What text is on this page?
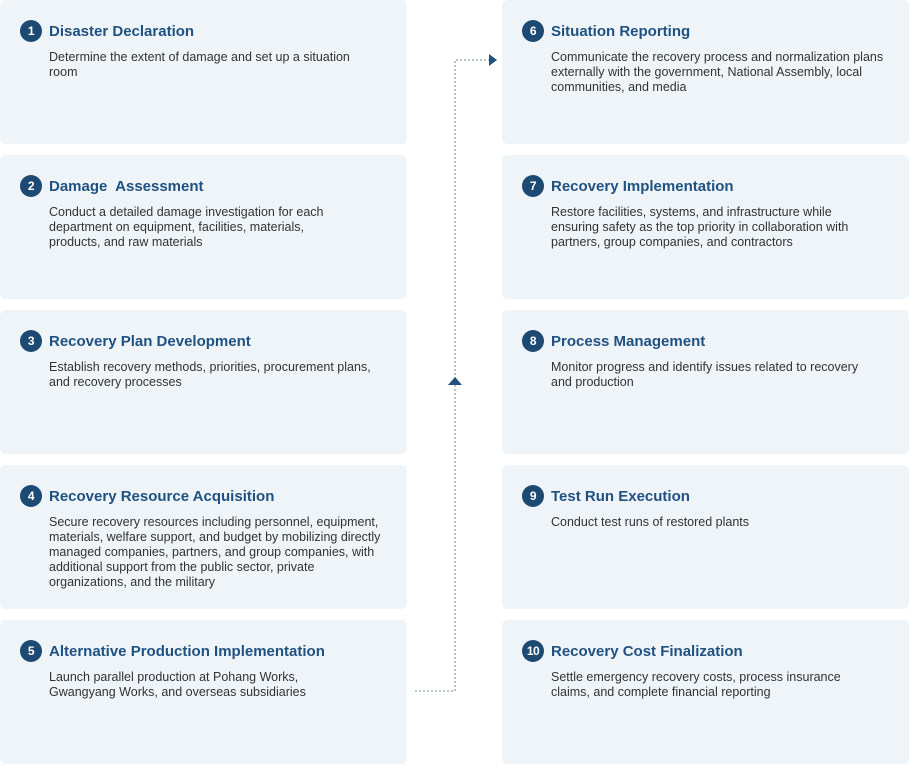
1 Disaster Declaration
Determine the extent of damage and set up a situation room
2 Damage  Assessment
Conduct a detailed damage investigation for each department on equipment, facilities, materials, products, and raw materials
3 Recovery Plan Development
Establish recovery methods, priorities, procurement plans, and recovery processes
4 Recovery Resource Acquisition
Secure recovery resources including personnel, equipment, materials, welfare support, and budget by mobilizing directly managed companies, partners, and group companies, with additional support from the public sector, private organizations, and the military
5 Alternative Production Implementation
Launch parallel production at Pohang Works, Gwangyang Works, and overseas subsidiaries
6 Situation Reporting
Communicate the recovery process and normalization plans externally with the government, National Assembly, local communities, and media
7 Recovery Implementation
Restore facilities, systems, and infrastructure while ensuring safety as the top priority in collaboration with partners, group companies, and contractors
8 Process Management
Monitor progress and identify issues related to recovery and production
9 Test Run Execution
Conduct test runs of restored plants
10 Recovery Cost Finalization
Settle emergency recovery costs, process insurance claims, and complete financial reporting
